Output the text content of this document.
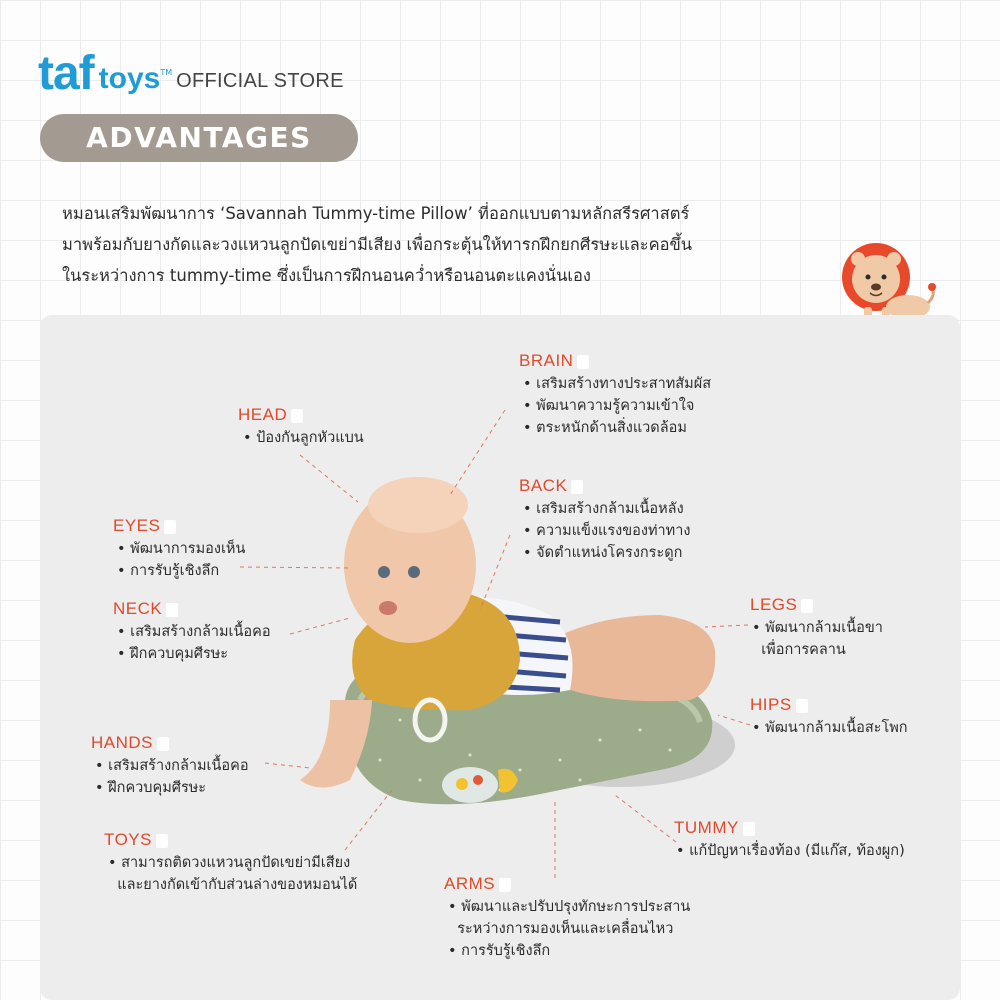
taf toys TM OFFICIAL STORE
ADVANTAGES

หมอนเสริมพัฒนาการ ‘Savannah Tummy-time Pillow’ ที่ออกแบบตามหลักสรีรศาสตร์

มาพร้อมกับยางกัดและวงแหวนลูกปัดเขย่ามีเสียง เพื่อกระตุ้นให้ทารกฝึกยกศีรษะและคอขึ้น

ในระหว่างการ tummy-time ซึ่งเป็นการฝึกนอนคว่ำหรือนอนตะแคงนั่นเอง

HEAD
• ป้องกันลูกหัวแบน
EYES
• พัฒนาการมองเห็น
• การรับรู้เชิงลึก
NECK
• เสริมสร้างกล้ามเนื้อคอ
• ฝึกควบคุมศีรษะ
HANDS
• เสริมสร้างกล้ามเนื้อคอ
• ฝึกควบคุมศีรษะ
TOYS
• สามารถติดวงแหวนลูกปัดเขย่ามีเสียง
และยางกัดเข้ากับส่วนล่างของหมอนได้
BRAIN
• เสริมสร้างทางประสาทสัมผัส
• พัฒนาความรู้ความเข้าใจ
• ตระหนักด้านสิ่งแวดล้อม
BACK
• เสริมสร้างกล้ามเนื้อหลัง
• ความแข็งแรงของท่าทาง
• จัดตำแหน่งโครงกระดูก
LEGS
• พัฒนากล้ามเนื้อขา
เพื่อการคลาน
HIPS
• พัฒนากล้ามเนื้อสะโพก
TUMMY
• แก้ปัญหาเรื่องท้อง (มีแก๊ส, ท้องผูก)
ARMS
• พัฒนาและปรับปรุงทักษะการประสาน
ระหว่างการมองเห็นและเคลื่อนไหว
• การรับรู้เชิงลึก
